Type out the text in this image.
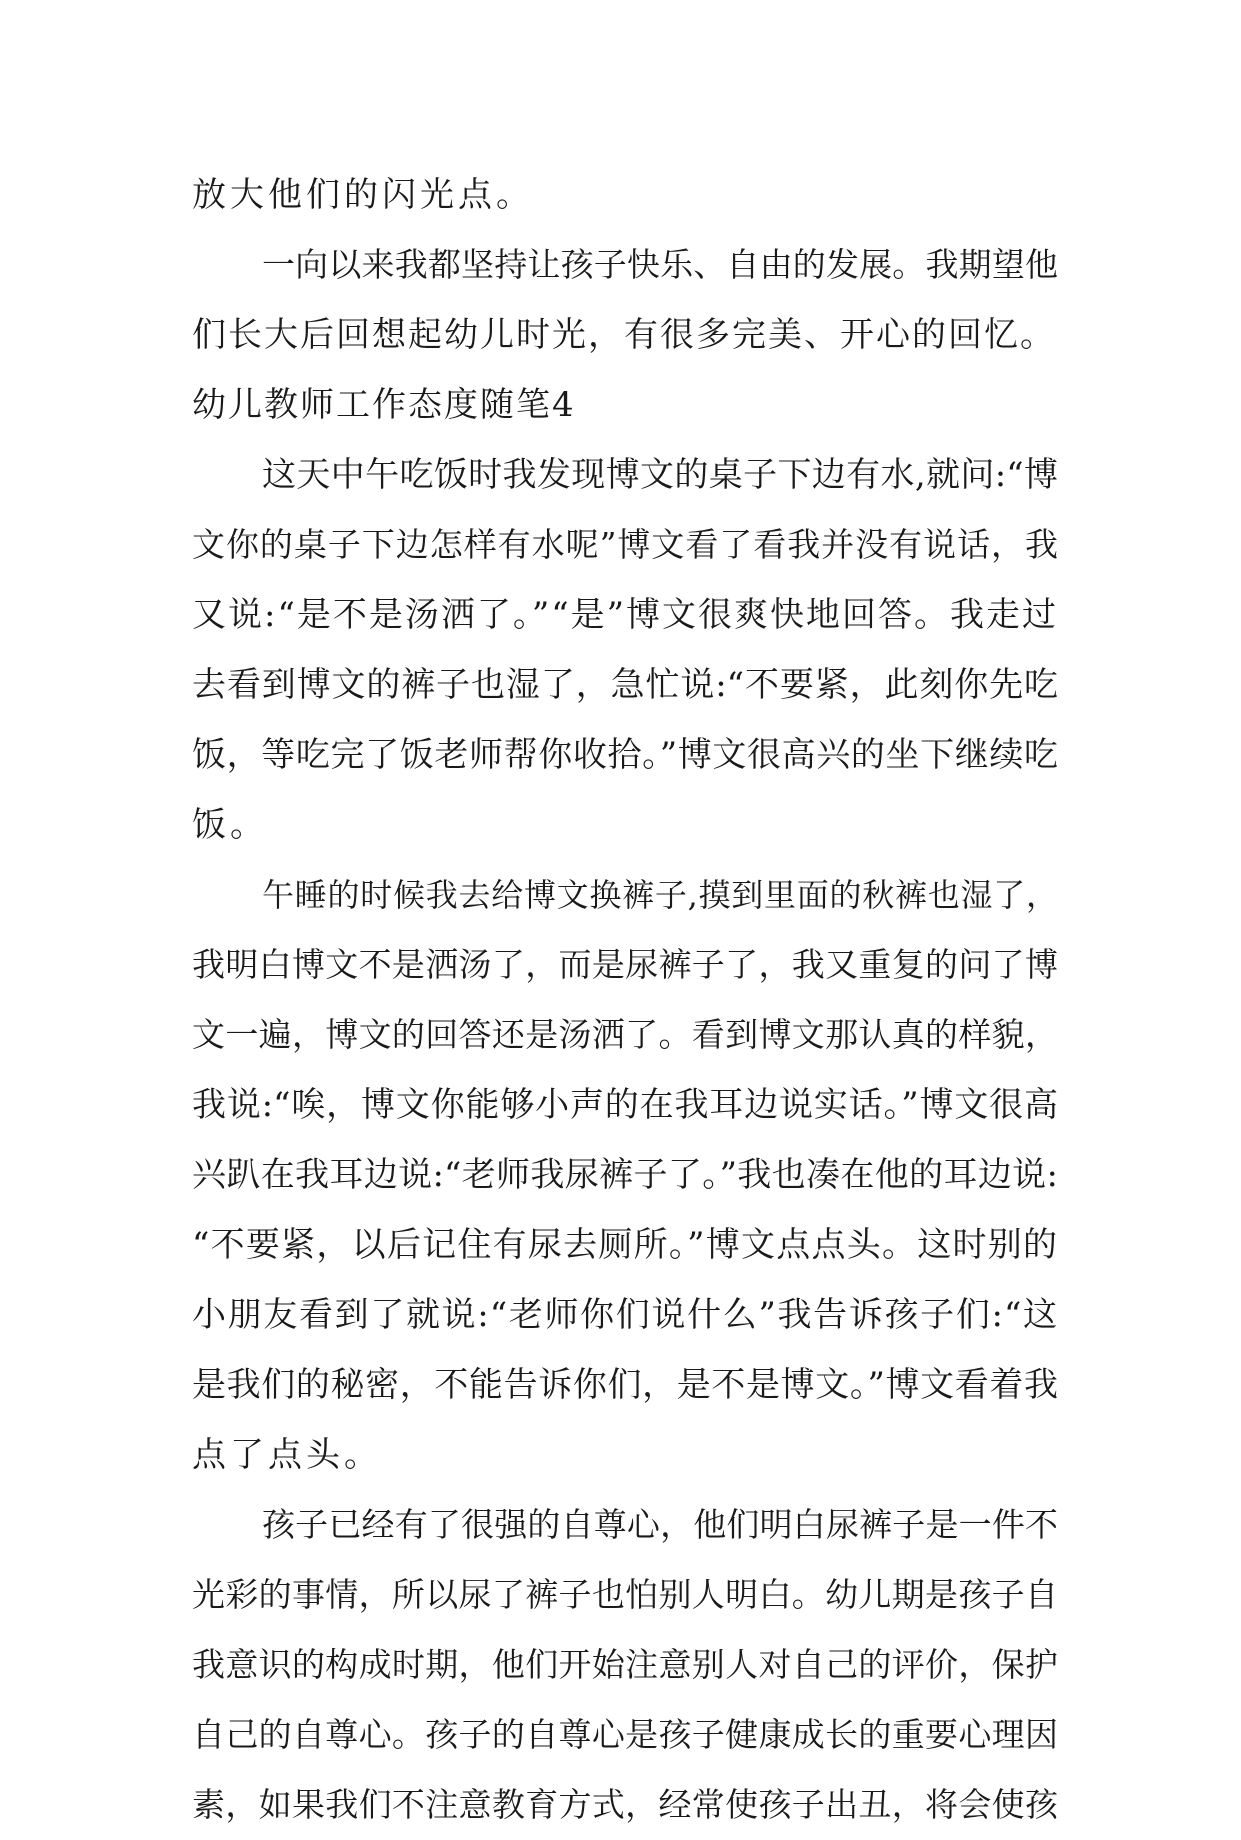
放大他们的闪光点。
一向以来我都坚持让孩子快乐、自由的发展。我期望他
们长大后回想起幼儿时光，有很多完美、开心的回忆。
幼儿教师工作态度随笔4
这天中午吃饭时我发现博文的桌子下边有水,就问:“博
文你的桌子下边怎样有水呢”博文看了看我并没有说话，我
又说:“是不是汤洒了。”“是”博文很爽快地回答。我走过
去看到博文的裤子也湿了，急忙说:“不要紧，此刻你先吃
饭，等吃完了饭老师帮你收拾。”博文很高兴的坐下继续吃
饭。
午睡的时候我去给博文换裤子,摸到里面的秋裤也湿了，
我明白博文不是洒汤了，而是尿裤子了，我又重复的问了博
文一遍，博文的回答还是汤洒了。看到博文那认真的样貌，
我说:“唉，博文你能够小声的在我耳边说实话。”博文很高
兴趴在我耳边说:“老师我尿裤子了。”我也凑在他的耳边说:
“不要紧，以后记住有尿去厕所。”博文点点头。这时别的
小朋友看到了就说:“老师你们说什么”我告诉孩子们:“这
是我们的秘密，不能告诉你们，是不是博文。”博文看着我
点了点头。
孩子已经有了很强的自尊心，他们明白尿裤子是一件不
光彩的事情，所以尿了裤子也怕别人明白。幼儿期是孩子自
我意识的构成时期，他们开始注意别人对自己的评价，保护
自己的自尊心。孩子的自尊心是孩子健康成长的重要心理因
素，如果我们不注意教育方式，经常使孩子出丑，将会使孩
